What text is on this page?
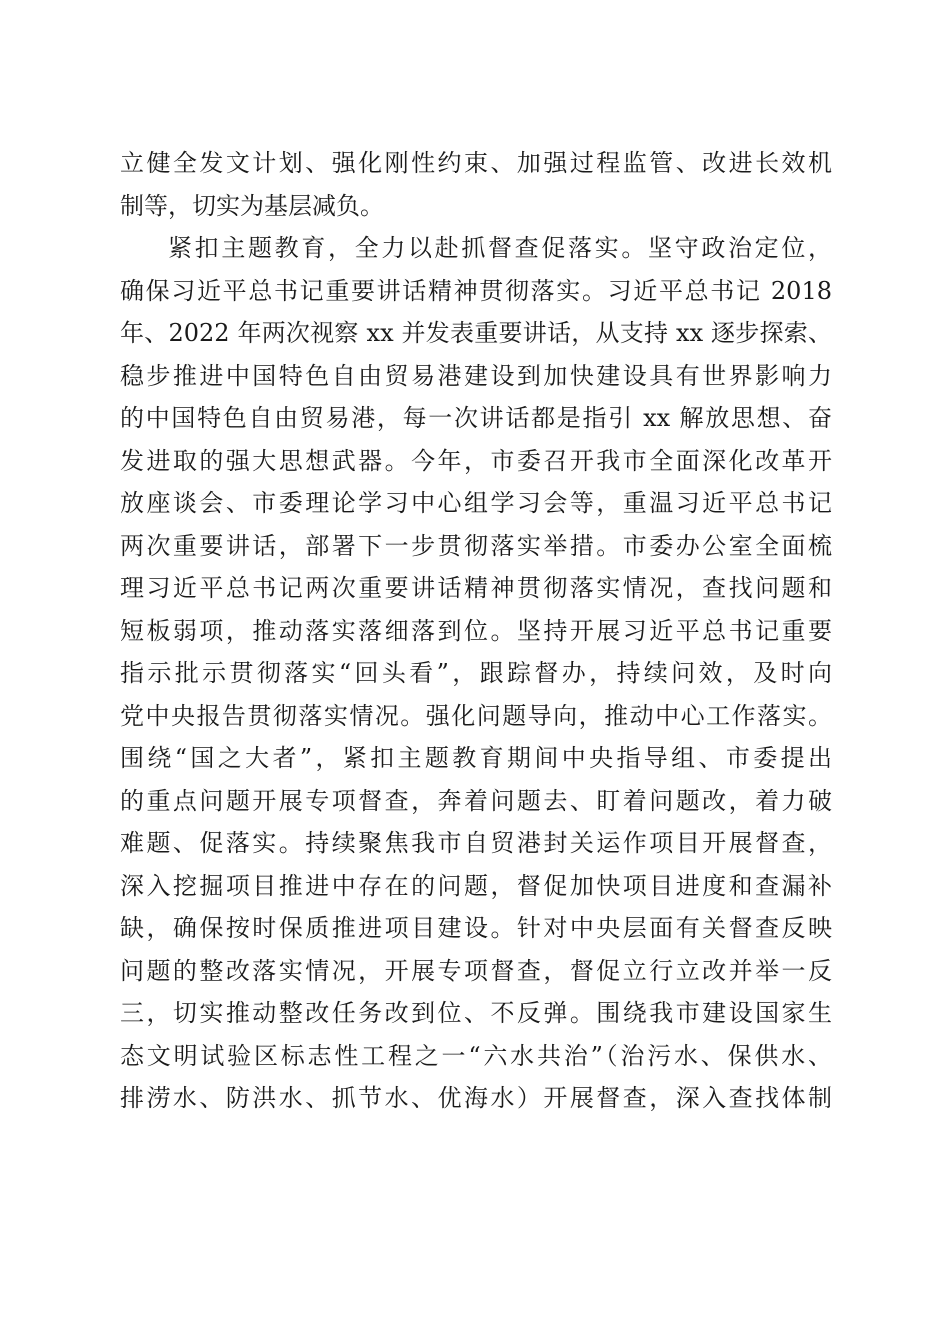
立健全发文计划、强化刚性约束、加强过程监管、改进长效机
制等，切实为基层减负。
紧扣主题教育，全力以赴抓督查促落实。坚守政治定位，
确保习近平总书记重要讲话精神贯彻落实。习近平总书记 2018
年、2022 年两次视察 xx 并发表重要讲话，从支持 xx 逐步探索、
稳步推进中国特色自由贸易港建设到加快建设具有世界影响力
的中国特色自由贸易港，每一次讲话都是指引 xx 解放思想、奋
发进取的强大思想武器。今年，市委召开我市全面深化改革开
放座谈会、市委理论学习中心组学习会等，重温习近平总书记
两次重要讲话，部署下一步贯彻落实举措。市委办公室全面梳
理习近平总书记两次重要讲话精神贯彻落实情况，查找问题和
短板弱项，推动落实落细落到位。坚持开展习近平总书记重要
指示批示贯彻落实“回头看”，跟踪督办，持续问效，及时向
党中央报告贯彻落实情况。强化问题导向，推动中心工作落实。
围绕“国之大者”，紧扣主题教育期间中央指导组、市委提出
的重点问题开展专项督查，奔着问题去、盯着问题改，着力破
难题、促落实。持续聚焦我市自贸港封关运作项目开展督查，
深入挖掘项目推进中存在的问题，督促加快项目进度和查漏补
缺，确保按时保质推进项目建设。针对中央层面有关督查反映
问题的整改落实情况，开展专项督查，督促立行立改并举一反
三，切实推动整改任务改到位、不反弹。围绕我市建设国家生
态文明试验区标志性工程之一“六水共治”（治污水、保供水、
排涝水、防洪水、抓节水、优海水）开展督查，深入查找体制
